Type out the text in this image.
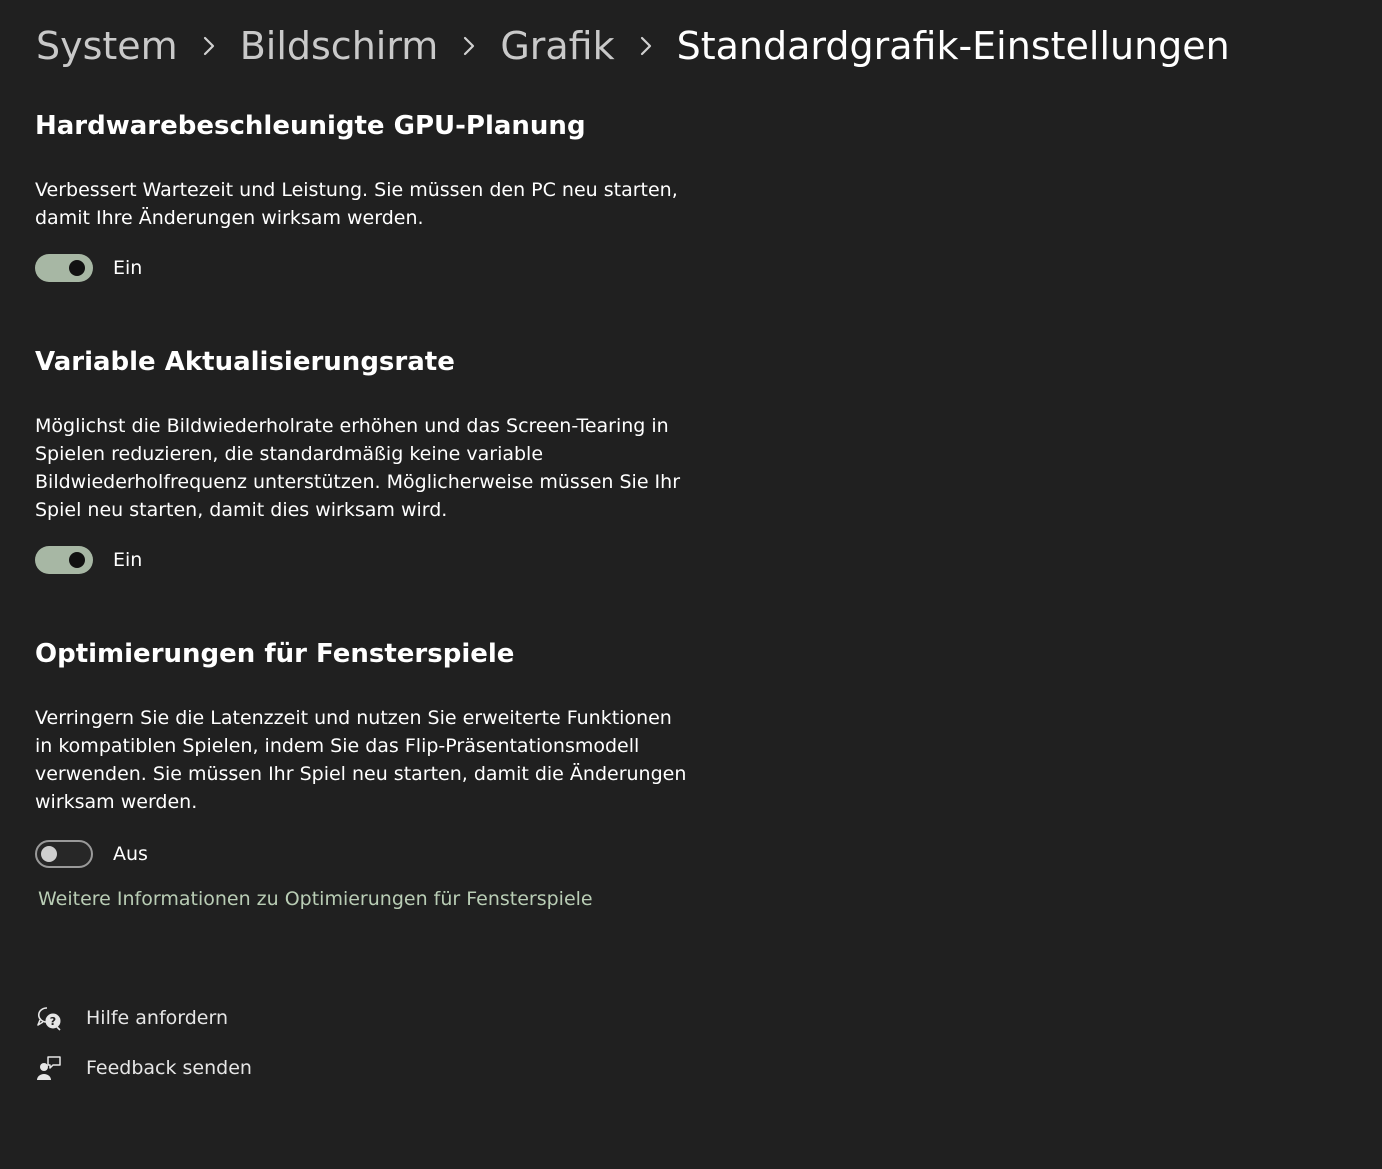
System Bildschirm Grafik Standardgrafik-Einstellungen
Hardwarebeschleunigte GPU-Planung
Verbessert Wartezeit und Leistung. Sie müssen den PC neu starten, damit Ihre Änderungen wirksam werden.
Ein
Variable Aktualisierungsrate
Möglichst die Bildwiederholrate erhöhen und das Screen-Tearing in Spielen reduzieren, die standardmäßig keine variable Bildwiederholfrequenz unterstützen. Möglicherweise müssen Sie Ihr Spiel neu starten, damit dies wirksam wird.
Ein
Optimierungen für Fensterspiele
Verringern Sie die Latenzzeit und nutzen Sie erweiterte Funktionen in kompatiblen Spielen, indem Sie das Flip-Präsentationsmodell verwenden. Sie müssen Ihr Spiel neu starten, damit die Änderungen wirksam werden.
Aus
Weitere Informationen zu Optimierungen für Fensterspiele
? Hilfe anfordern
Feedback senden
